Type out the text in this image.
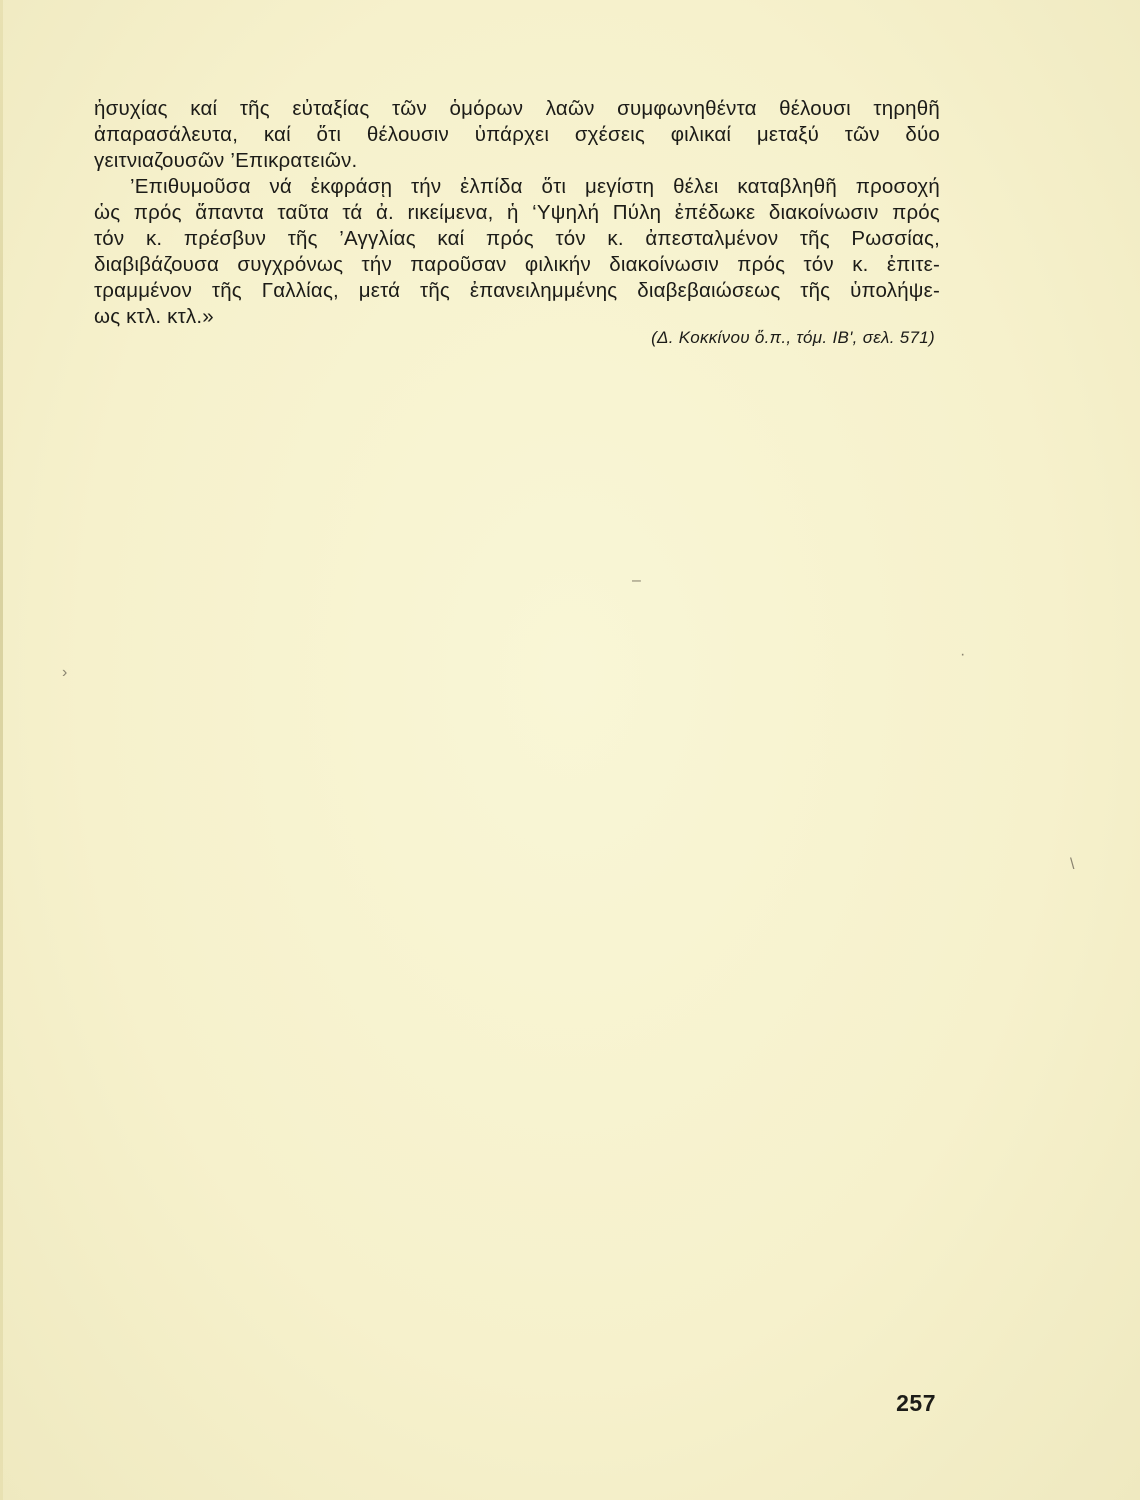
ἡσυχίας καί τῆς εὐταξίας τῶν ὁμόρων λαῶν συμφωνηθέντα θέλουσι τηρηθῆ
ἀπαρασάλευτα, καί ὅτι θέλουσιν ὑπάρχει σχέσεις φιλικαί μεταξύ τῶν δύο
γειτνιαζουσῶν ’Επικρατειῶν.
’Επιθυμοῦσα νά ἐκφράσῃ τήν ἐλπίδα ὅτι μεγίστη θέλει καταβληθῆ προσοχή
ὡς πρός ἅπαντα ταῦτα τά ἀ. rικείμενα, ἡ ‘Υψηλή Πύλη ἐπέδωκε διακοίνωσιν πρός
τόν κ. πρέσβυν τῆς ’Αγγλίας καί πρός τόν κ. ἀπεσταλμένον τῆς Ρωσσίας,
διαβιβάζουσα συγχρόνως τήν παροῦσαν φιλικήν διακοίνωσιν πρός τόν κ. ἐπιτε-
τραμμένον τῆς Γαλλίας, μετά τῆς ἐπανειλημμένης διαβεβαιώσεως τῆς ὑπολήψε-
ως κτλ. κτλ.»
(Δ. Κοκκίνου ὅ.π., τόμ. ΙΒ', σελ. 571)
–
›
·
\
257
